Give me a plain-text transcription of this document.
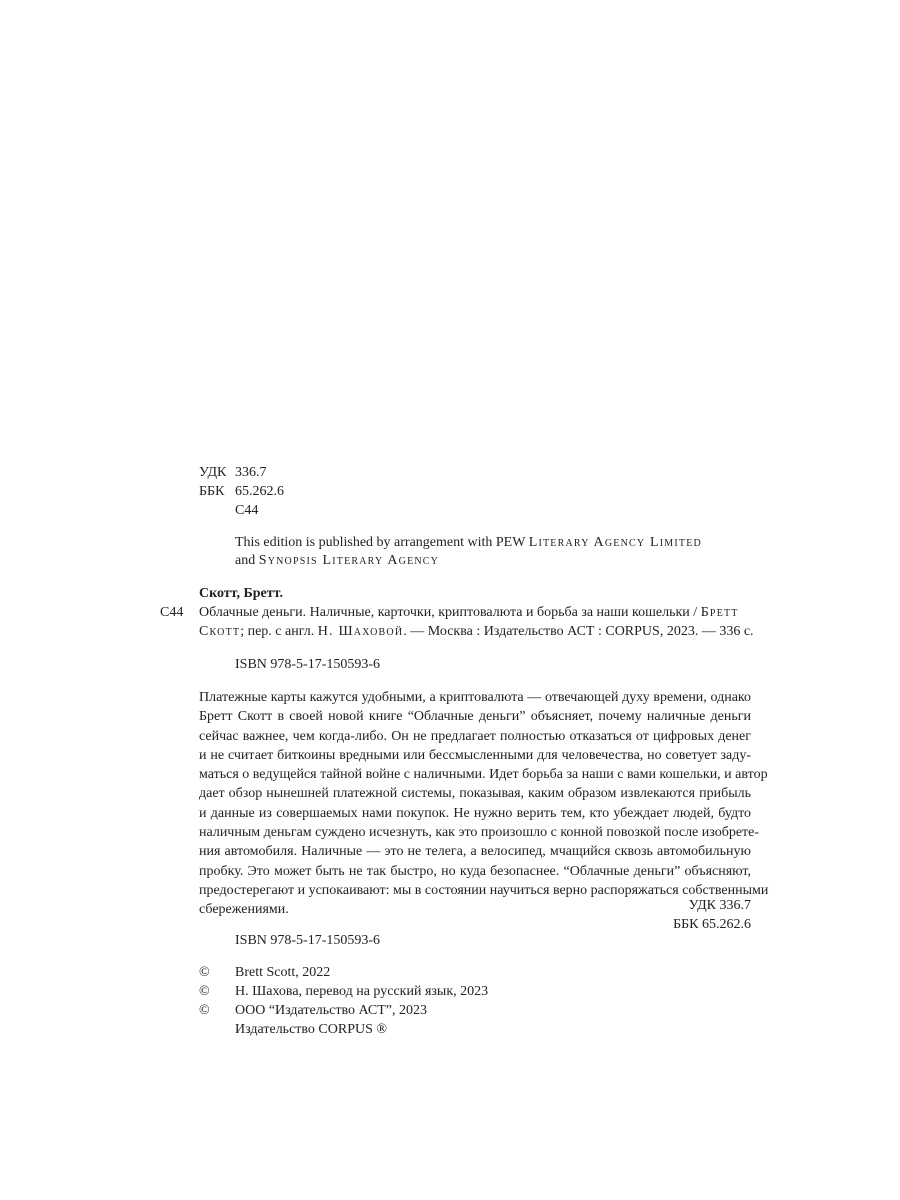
УДК 336.7
ББК 65.262.6
С44
This edition is published by arrangement with PEW Literary Agency Limited
and Synopsis Literary Agency
Скотт, Бретт.
С44 Облачные деньги. Наличные, карточки, криптовалюта и борьба за наши кошельки / Бретт
Скотт; пер. с англ. Н. Шаховой. — Москва : Издательство АСТ : CORPUS, 2023. — 336 с.
ISBN 978-5-17-150593-6
Платежные карты кажутся удобными, а криптовалюта — отвечающей духу времени, однако
Бретт Скотт в своей новой книге “Облачные деньги” объясняет, почему наличные деньги
сейчас важнее, чем когда-либо. Он не предлагает полностью отказаться от цифровых денег
и не считает биткоины вредными или бессмысленными для человечества, но советует заду-
маться о ведущейся тайной войне с наличными. Идет борьба за наши с вами кошельки, и автор
дает обзор нынешней платежной системы, показывая, каким образом извлекаются прибыль
и данные из совершаемых нами покупок. Не нужно верить тем, кто убеждает людей, будто
наличным деньгам суждено исчезнуть, как это произошло с конной повозкой после изобрете-
ния автомобиля. Наличные — это не телега, а велосипед, мчащийся сквозь автомобильную
пробку. Это может быть не так быстро, но куда безопаснее. “Облачные деньги” объясняют,
предостерегают и успокаивают: мы в состоянии научиться верно распоряжаться собственными
сбережениями.	УДК 336.7
ББК 65.262.6
ISBN 978-5-17-150593-6
© Brett Scott, 2022
© Н. Шахова, перевод на русский язык, 2023
© ООО “Издательство АСТ”, 2023
Издательство CORPUS ®
